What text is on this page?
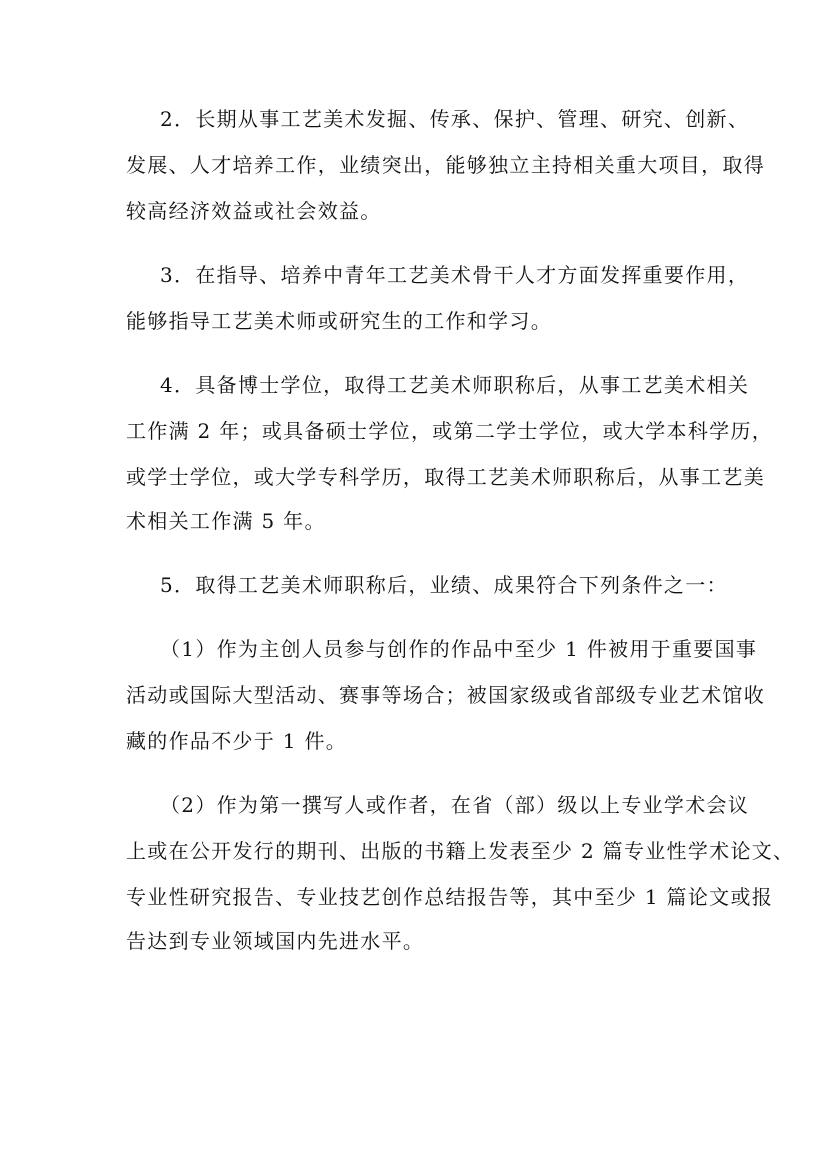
2．长期从事工艺美术发掘、传承、保护、管理、研究、创新、
发展、人才培养工作，业绩突出，能够独立主持相关重大项目，取得
较高经济效益或社会效益。
3．在指导、培养中青年工艺美术骨干人才方面发挥重要作用，
能够指导工艺美术师或研究生的工作和学习。
4．具备博士学位，取得工艺美术师职称后，从事工艺美术相关
工作满 2 年；或具备硕士学位，或第二学士学位，或大学本科学历，
或学士学位，或大学专科学历，取得工艺美术师职称后，从事工艺美
术相关工作满 5 年。
5．取得工艺美术师职称后，业绩、成果符合下列条件之一：
（1）作为主创人员参与创作的作品中至少 1 件被用于重要国事
活动或国际大型活动、赛事等场合；被国家级或省部级专业艺术馆收
藏的作品不少于 1 件。
（2）作为第一撰写人或作者，在省（部）级以上专业学术会议
上或在公开发行的期刊、出版的书籍上发表至少 2 篇专业性学术论文、
专业性研究报告、专业技艺创作总结报告等，其中至少 1 篇论文或报
告达到专业领域国内先进水平。
